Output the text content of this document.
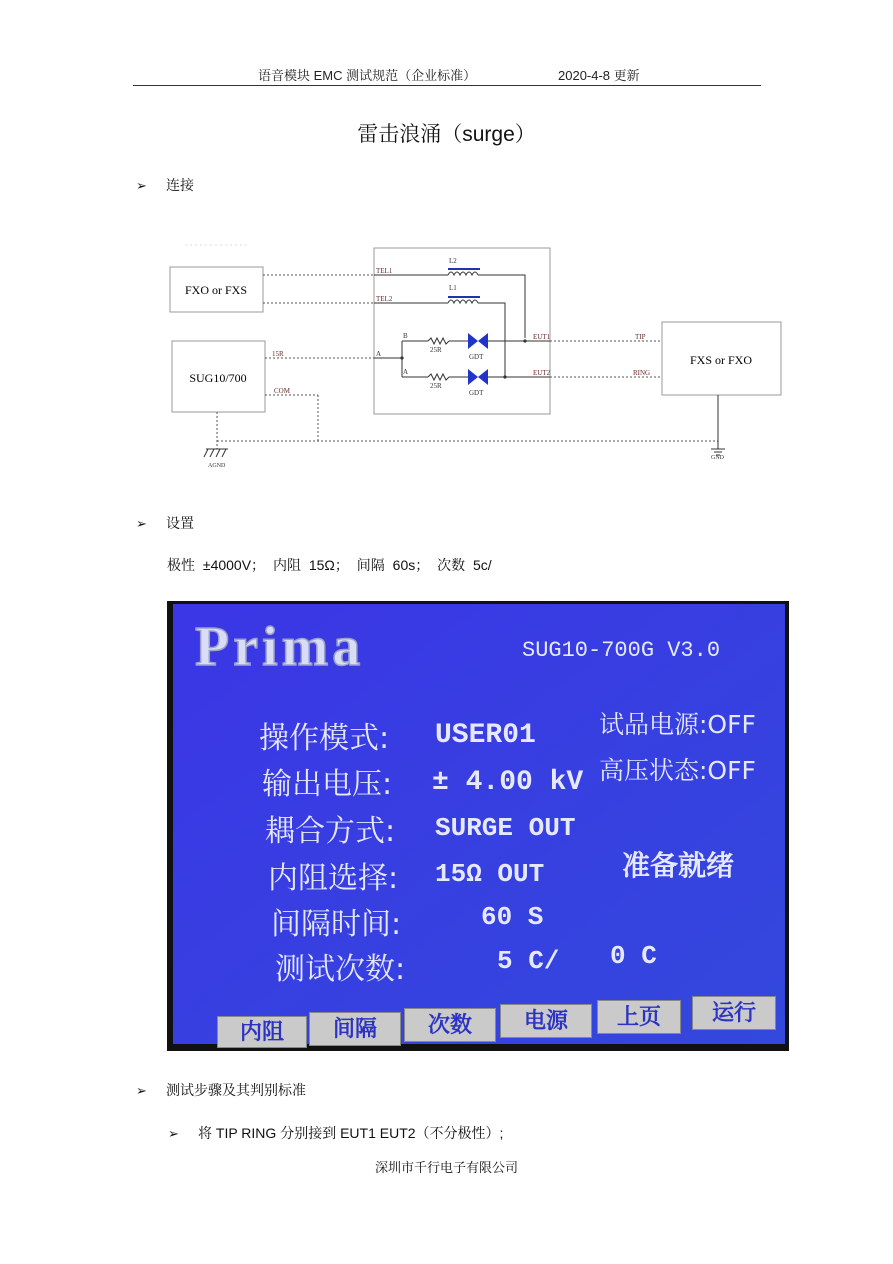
语音模块 EMC 测试规范（企业标准）	2020-4-8 更新
雷击浪涌（surge）
➢ 连接
FXO or FXS
SUG10/700
FXS or FXO
TEL1
TEL2
L2
L1
B
A
25R
GDT
25R
GDT
EUT1
EUT2
15R	A
TIP
RING
COM
AGND
GND
➢ 设置
极性 ±4000V； 内阻 15Ω； 间隔 60s； 次数 5c/
Prima	SUG10-700G V3.0
操作模式: USER01
输出电压: ± 4.00 kV
耦合方式: SURGE OUT
内阻选择: 15Ω OUT
间隔时间:	60 S
测试次数:	5 C/ 0 C
试品电源:OFF
高压状态:OFF
准备就绪
内阻	间隔	次数	电源	上页	运行
➢ 测试步骤及其判别标准
➢ 将 TIP RING 分别接到 EUT1 EUT2（不分极性）;
深圳市千行电子有限公司
